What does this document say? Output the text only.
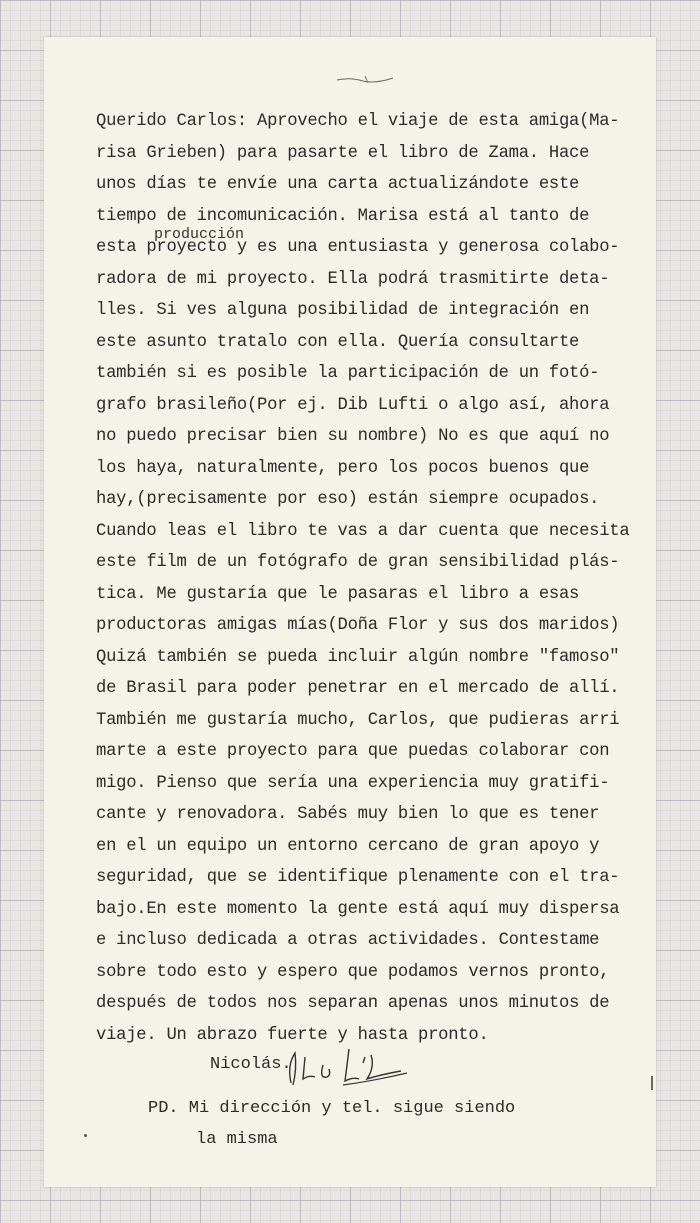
Querido Carlos: Aprovecho el viaje de esta amiga(Ma-
risa Grieben) para pasarte el libro de Zama. Hace
unos días te envíe una carta actualizándote este
tiempo de incomunicación. Marisa está al tanto de
esta proyecto y es una entusiasta y generosa colabo-
radora de mi proyecto. Ella podrá trasmitirte deta-
lles. Si ves alguna posibilidad de integración en
este asunto tratalo con ella. Quería consultarte
también si es posible la participación de un fotó-
grafo brasileño(Por ej. Dib Lufti o algo así, ahora
no puedo precisar bien su nombre) No es que aquí no
los haya, naturalmente, pero los pocos buenos que
hay,(precisamente por eso) están siempre ocupados.
Cuando leas el libro te vas a dar cuenta que necesita
este film de un fotógrafo de gran sensibilidad plás-
tica. Me gustaría que le pasaras el libro a esas
productoras amigas mías(Doña Flor y sus dos maridos)
Quizá también se pueda incluir algún nombre "famoso"
de Brasil para poder penetrar en el mercado de allí.
También me gustaría mucho, Carlos, que pudieras arri
marte a este proyecto para que puedas colaborar con
migo. Pienso que sería una experiencia muy gratifi-
cante y renovadora. Sabés muy bien lo que es tener
en el un equipo un entorno cercano de gran apoyo y
seguridad, que se identifique plenamente con el tra-
bajo.En este momento la gente está aquí muy dispersa
e incluso dedicada a otras actividades. Contestame
sobre todo esto y espero que podamos vernos pronto,
después de todos nos separan apenas unos minutos de
viaje. Un abrazo fuerte y hasta pronto.
producción
Nicolás.
PD. Mi dirección y tel. sigue siendo
la misma
